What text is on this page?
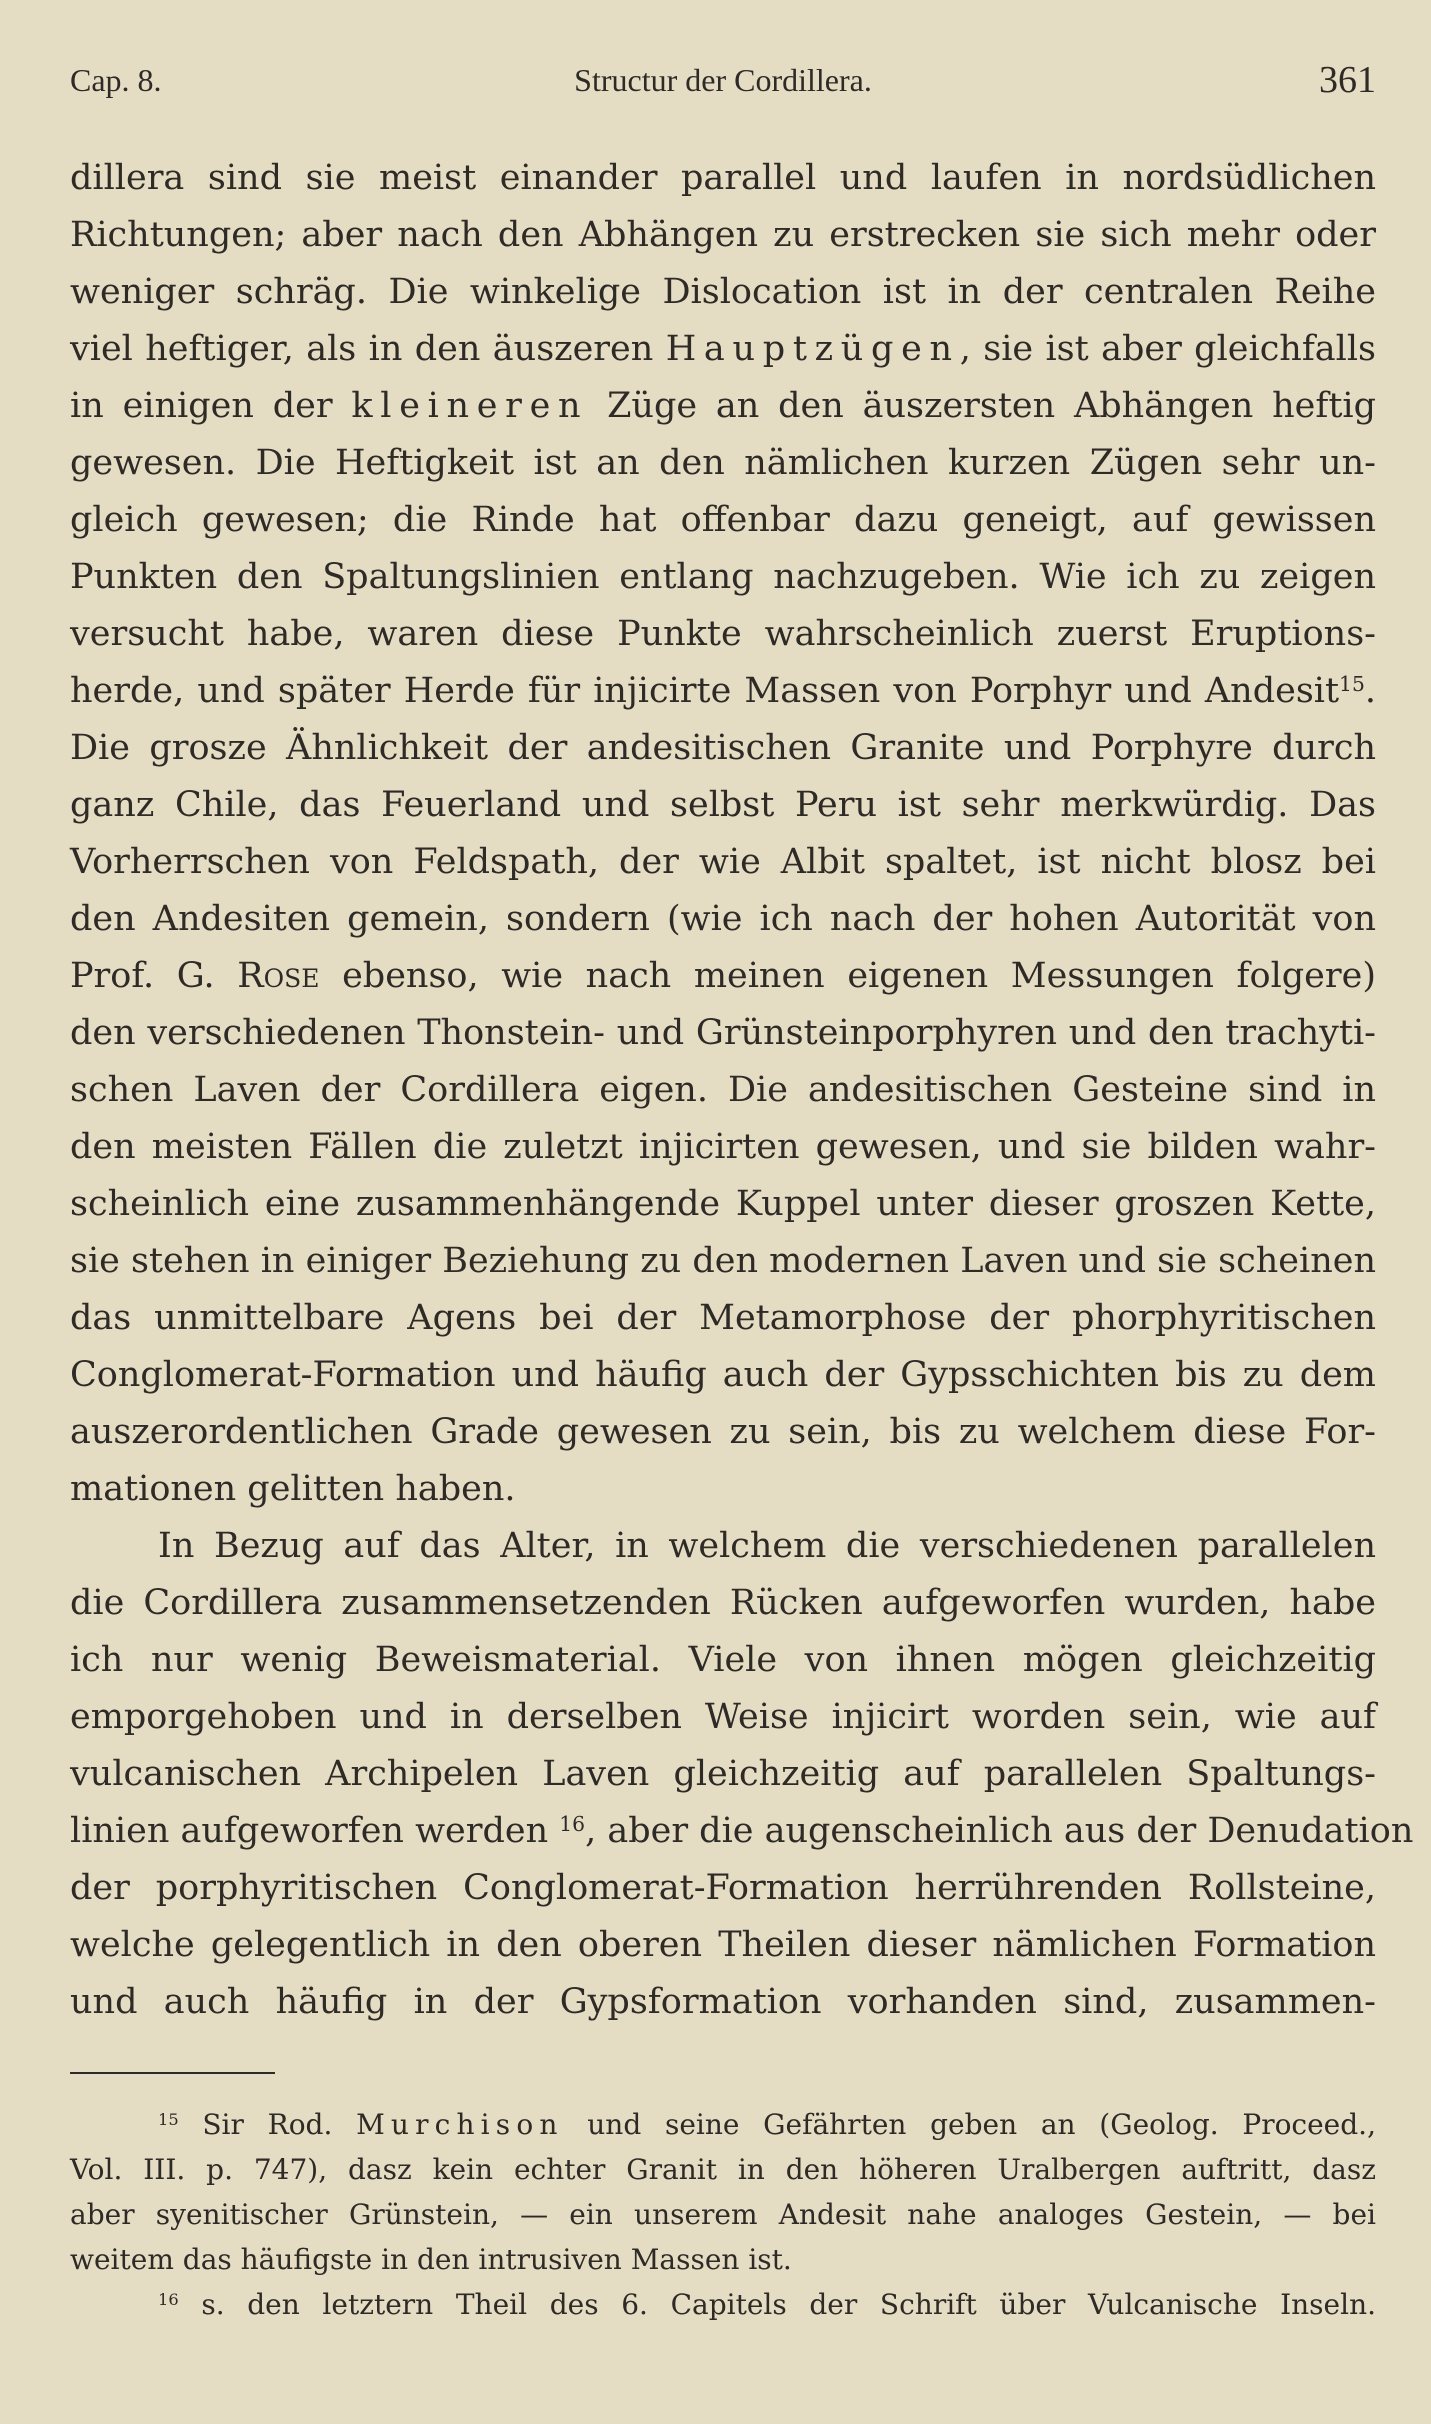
Cap. 8.	Structur der Cordillera.	361
dillera sind sie meist einander parallel und laufen in nordsüdlichen
Richtungen; aber nach den Abhängen zu erstrecken sie sich mehr oder
weniger schräg. Die winkelige Dislocation ist in der centralen Reihe
viel heftiger, als in den äuszeren Hauptzügen, sie ist aber gleichfalls
in einigen der kleineren Züge an den äuszersten Abhängen heftig
gewesen. Die Heftigkeit ist an den nämlichen kurzen Zügen sehr un-
gleich gewesen; die Rinde hat offenbar dazu geneigt, auf gewissen
Punkten den Spaltungslinien entlang nachzugeben. Wie ich zu zeigen
versucht habe, waren diese Punkte wahrscheinlich zuerst Eruptions-
herde, und später Herde für injicirte Massen von Porphyr und Andesit$^{15}$.
Die grosze Ähnlichkeit der andesitischen Granite und Porphyre durch
ganz Chile, das Feuerland und selbst Peru ist sehr merkwürdig. Das
Vorherrschen von Feldspath, der wie Albit spaltet, ist nicht blosz bei
den Andesiten gemein, sondern (wie ich nach der hohen Autorität von
Prof. G. Rose ebenso, wie nach meinen eigenen Messungen folgere)
den verschiedenen Thonstein- und Grünsteinporphyren und den trachyti-
schen Laven der Cordillera eigen. Die andesitischen Gesteine sind in
den meisten Fällen die zuletzt injicirten gewesen, und sie bilden wahr-
scheinlich eine zusammenhängende Kuppel unter dieser groszen Kette,
sie stehen in einiger Beziehung zu den modernen Laven und sie scheinen
das unmittelbare Agens bei der Metamorphose der phorphyritischen
Conglomerat-Formation und häufig auch der Gypsschichten bis zu dem
auszerordentlichen Grade gewesen zu sein, bis zu welchem diese For-
mationen gelitten haben.
In Bezug auf das Alter, in welchem die verschiedenen parallelen
die Cordillera zusammensetzenden Rücken aufgeworfen wurden, habe
ich nur wenig Beweismaterial. Viele von ihnen mögen gleichzeitig
emporgehoben und in derselben Weise injicirt worden sein, wie auf
vulcanischen Archipelen Laven gleichzeitig auf parallelen Spaltungs-
linien aufgeworfen werden $^{16}$, aber die augenscheinlich aus der Denudation
der porphyritischen Conglomerat-Formation herrührenden Rollsteine,
welche gelegentlich in den oberen Theilen dieser nämlichen Formation
und auch häufig in der Gypsformation vorhanden sind, zusammen-
$^{15}$ Sir Rod. Murchison und seine Gefährten geben an (Geolog. Proceed.,
Vol. III. p. 747), dasz kein echter Granit in den höheren Uralbergen auftritt, dasz
aber syenitischer Grünstein, — ein unserem Andesit nahe analoges Gestein, — bei
weitem das häufigste in den intrusiven Massen ist.
$^{16}$ s. den letztern Theil des 6. Capitels der Schrift über Vulcanische Inseln.
